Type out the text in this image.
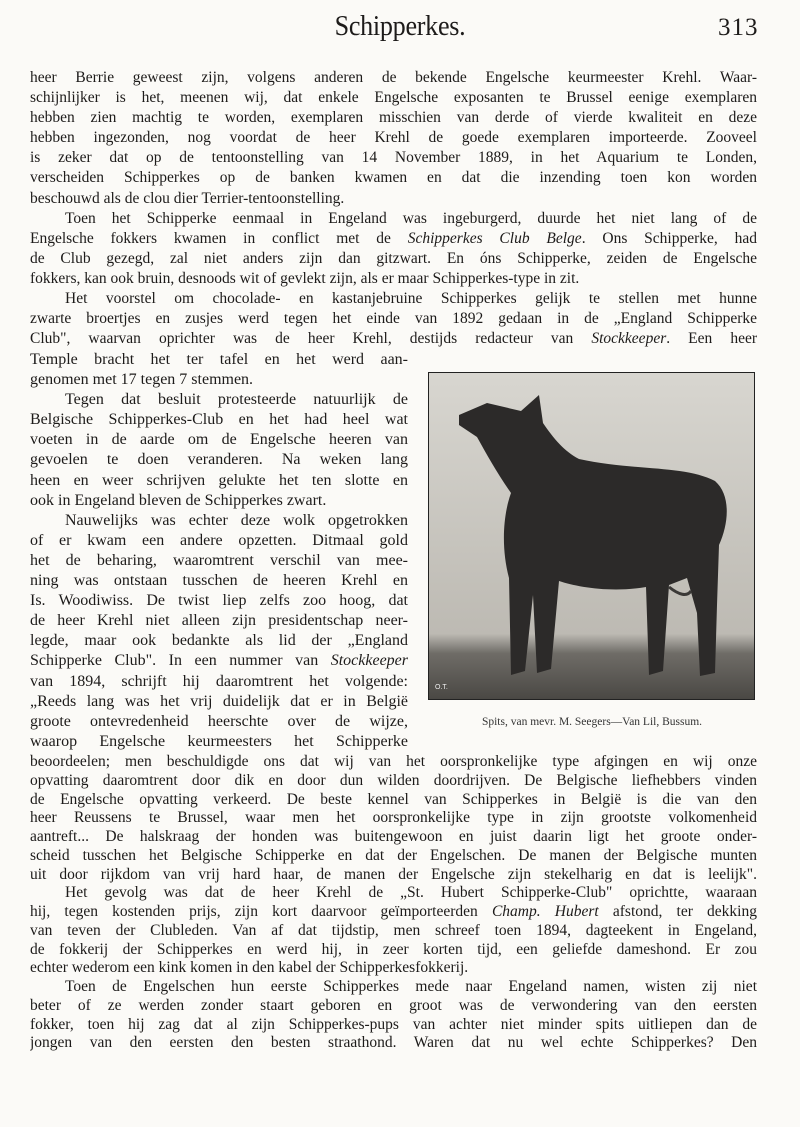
Schipperkes.	313
heer Berrie geweest zijn, volgens anderen de bekende Engelsche keurmeester Krehl. Waar-
schijnlijker is het, meenen wij, dat enkele Engelsche exposanten te Brussel eenige exemplaren
hebben zien machtig te worden, exemplaren misschien van derde of vierde kwaliteit en deze
hebben ingezonden, nog voordat de heer Krehl de goede exemplaren importeerde. Zooveel
is zeker dat op de tentoonstelling van 14 November 1889, in het Aquarium te Londen,
verscheiden Schipperkes op de banken kwamen en dat die inzending toen kon worden
beschouwd als de clou dier Terrier-tentoonstelling.
Toen het Schipperke eenmaal in Engeland was ingeburgerd, duurde het niet lang of de
Engelsche fokkers kwamen in conflict met de Schipperkes Club Belge. Ons Schipperke, had
de Club gezegd, zal niet anders zijn dan gitzwart. En óns Schipperke, zeiden de Engelsche
fokkers, kan ook bruin, desnoods wit of gevlekt zijn, als er maar Schipperkes-type in zit.
Het voorstel om chocolade- en kastanjebruine Schipperkes gelijk te stellen met hunne
zwarte broertjes en zusjes werd tegen het einde van 1892 gedaan in de „England Schipperke
Club", waarvan oprichter was de heer Krehl, destijds redacteur van Stockkeeper. Een heer
Temple bracht het ter tafel en het werd aan-
genomen met 17 tegen 7 stemmen.
Tegen dat besluit protesteerde natuurlijk de
Belgische Schipperkes-Club en het had heel wat
voeten in de aarde om de Engelsche heeren van
gevoelen te doen veranderen. Na weken lang
heen en weer schrijven gelukte het ten slotte en
ook in Engeland bleven de Schipperkes zwart.
Nauwelijks was echter deze wolk opgetrokken
of er kwam een andere opzetten. Ditmaal gold
het de beharing, waaromtrent verschil van mee-
ning was ontstaan tusschen de heeren Krehl en
Is. Woodiwiss. De twist liep zelfs zoo hoog, dat
de heer Krehl niet alleen zijn presidentschap neer-
legde, maar ook bedankte als lid der „England
Schipperke Club". In een nummer van Stockkeeper
van 1894, schrijft hij daaromtrent het volgende:
„Reeds lang was het vrij duidelijk dat er in België
groote ontevredenheid heerschte over de wijze,
waarop Engelsche keurmeesters het Schipperke
beoordeelen; men beschuldigde ons dat wij van het oorspronkelijke type afgingen en wij onze
opvatting daaromtrent door dik en door dun wilden doordrijven. De Belgische liefhebbers vinden
de Engelsche opvatting verkeerd. De beste kennel van Schipperkes in België is die van den
heer Reussens te Brussel, waar men het oorspronkelijke type in zijn grootste volkomenheid
aantreft... De halskraag der honden was buitengewoon en juist daarin ligt het groote onder-
scheid tusschen het Belgische Schipperke en dat der Engelschen. De manen der Belgische munten
uit door rijkdom van vrij hard haar, de manen der Engelsche zijn stekelharig en dat is leelijk".
Het gevolg was dat de heer Krehl de „St. Hubert Schipperke-Club" oprichtte, waaraan
hij, tegen kostenden prijs, zijn kort daarvoor geïmporteerden Champ. Hubert afstond, ter dekking
van teven der Clubleden. Van af dat tijdstip, men schreef toen 1894, dagteekent in Engeland,
de fokkerij der Schipperkes en werd hij, in zeer korten tijd, een geliefde dameshond. Er zou
echter wederom een kink komen in den kabel der Schipperkesfokkerij.
Toen de Engelschen hun eerste Schipperkes mede naar Engeland namen, wisten zij niet
beter of ze werden zonder staart geboren en groot was de verwondering van den eersten
fokker, toen hij zag dat al zijn Schipperkes-pups van achter niet minder spits uitliepen dan de
jongen van den eersten den besten straathond. Waren dat nu wel echte Schipperkes? Den
O.T.
Spits, van mevr. M. Seegers—Van Lil, Bussum.
